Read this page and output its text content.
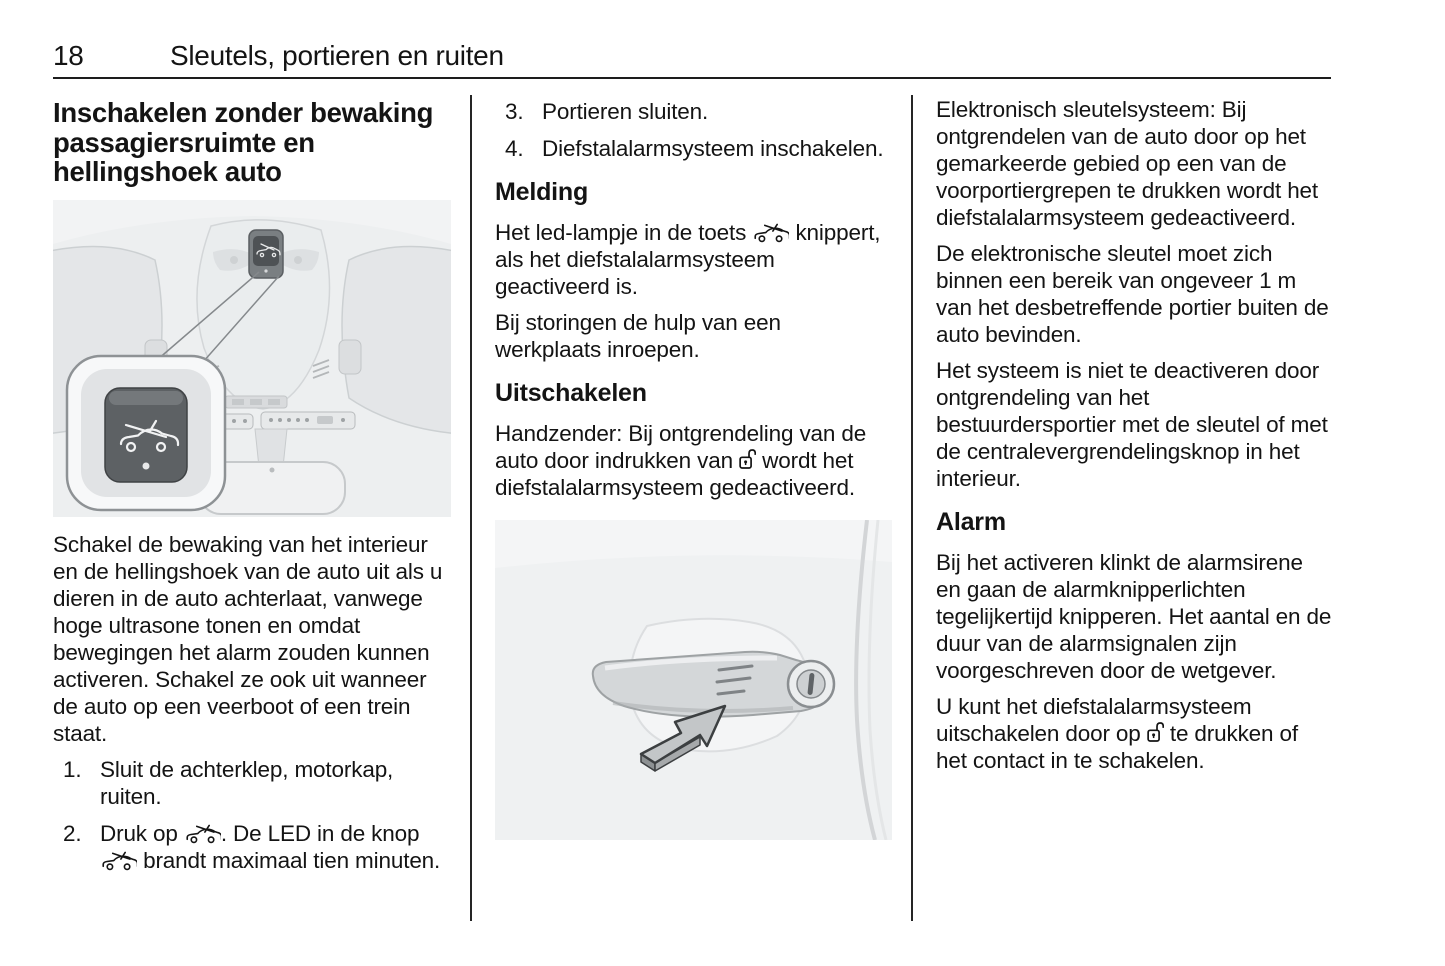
18	Sleutels, portieren en ruiten
Inschakelen zonder bewaking passagiersruimte en hellingshoek auto

Schakel de bewaking van het interieur en de hellingshoek van de auto uit als u dieren in de auto achterlaat, vanwege hoge ultrasone tonen en omdat bewegingen het alarm zouden kunnen activeren. Schakel ze ook uit wanneer de auto op een veerboot of een trein staat.

1. Sluit de achterklep, motorkap, ruiten.
2. Druk op . De LED in de knop  brandt maximaal tien minuten.
3. Portieren sluiten.
4. Diefstalalarmsysteem inschakelen.
Melding

Het led-lampje in de toets  knippert, als het diefstalalarmsysteem geactiveerd is.

Bij storingen de hulp van een werkplaats inroepen.

Uitschakelen

Handzender: Bij ontgrendeling van de auto door indrukken van  wordt het diefstalalarmsysteem gedeactiveerd.

Elektronisch sleutelsysteem: Bij ontgrendelen van de auto door op het gemarkeerde gebied op een van de voorportiergrepen te drukken wordt het diefstalalarmsysteem gedeactiveerd.

De elektronische sleutel moet zich binnen een bereik van ongeveer 1 m van het desbetreffende portier buiten de auto bevinden.

Het systeem is niet te deactiveren door ontgrendeling van het bestuurdersportier met de sleutel of met de centralevergrendelingsknop in het interieur.

Alarm

Bij het activeren klinkt de alarmsirene en gaan de alarmknipperlichten tegelijkertijd knipperen. Het aantal en de duur van de alarmsignalen zijn voorgeschreven door de wetgever.

U kunt het diefstalalarmsysteem uitschakelen door op  te drukken of het contact in te schakelen.
